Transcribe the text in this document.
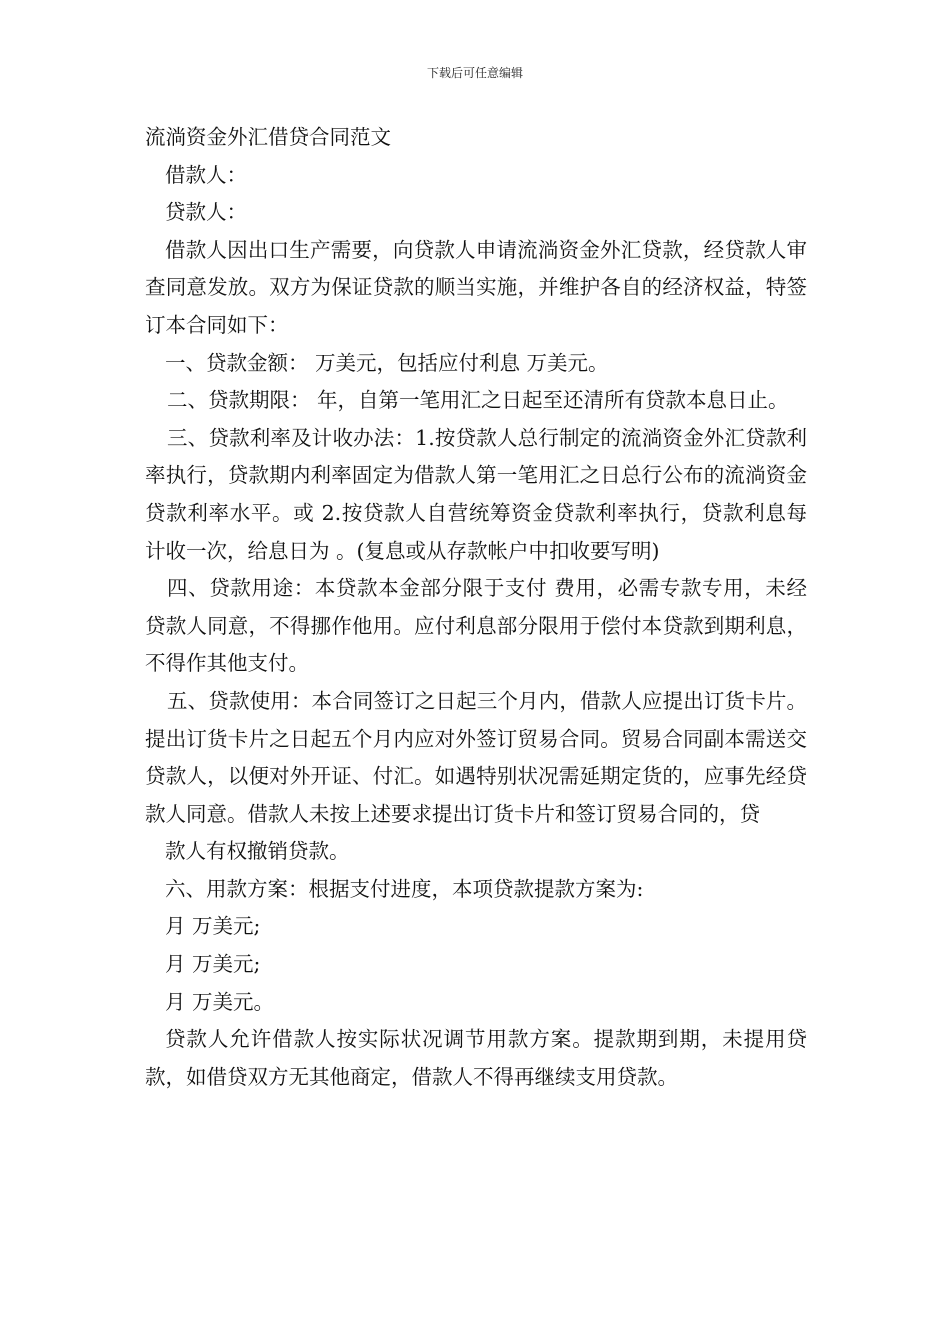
下载后可任意编辑

流淌资金外汇借贷合同范文

借款人：

贷款人：

借款人因出口生产需要，向贷款人申请流淌资金外汇贷款，经贷款人审查同意发放。双方为保证贷款的顺当实施，并维护各自的经济权益，特签订本合同如下：

一、贷款金额： 万美元，包括应付利息 万美元。

二、贷款期限： 年，自第一笔用汇之日起至还清所有贷款本息日止。

三、贷款利率及计收办法：1.按贷款人总行制定的流淌资金外汇贷款利率执行，贷款期内利率固定为借款人第一笔用汇之日总行公布的流淌资金贷款利率水平。或 2.按贷款人自营统筹资金贷款利率执行，贷款利息每 计收一次，给息日为 。(复息或从存款帐户中扣收要写明)

四、贷款用途：本贷款本金部分限于支付 费用，必需专款专用，未经贷款人同意，不得挪作他用。应付利息部分限用于偿付本贷款到期利息，不得作其他支付。

五、贷款使用：本合同签订之日起三个月内，借款人应提出订货卡片。提出订货卡片之日起五个月内应对外签订贸易合同。贸易合同副本需送交贷款人，以便对外开证、付汇。如遇特别状况需延期定货的，应事先经贷款人同意。借款人未按上述要求提出订货卡片和签订贸易合同的，贷

款人有权撤销贷款。

六、用款方案：根据支付进度，本项贷款提款方案为:

月 万美元;

月 万美元;

月 万美元。

贷款人允许借款人按实际状况调节用款方案。提款期到期，未提用贷款，如借贷双方无其他商定，借款人不得再继续支用贷款。
